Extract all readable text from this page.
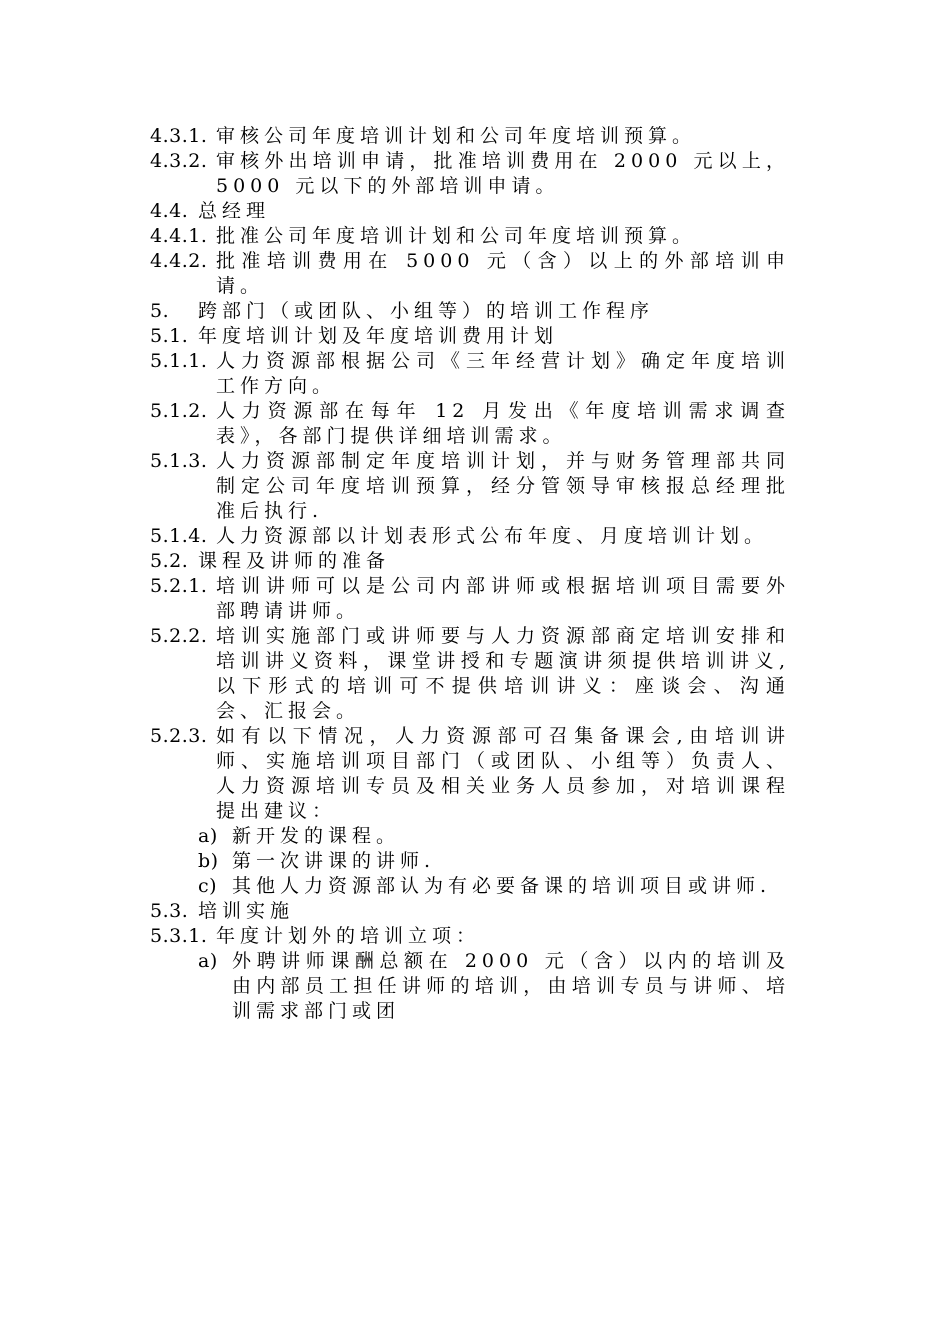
4.3.1. 审核公司年度培训计划和公司年度培训预算。
4.3.2. 审核外出培训申请，批准培训费用在 2000 元以上，5000 元以下的外部培训申请。
4.4. 总经理
4.4.1. 批准公司年度培训计划和公司年度培训预算。
4.4.2. 批准培训费用在 5000 元（含）以上的外部培训申请。
5.	跨部门（或团队、小组等）的培训工作程序
5.1. 年度培训计划及年度培训费用计划
5.1.1. 人力资源部根据公司《三年经营计划》确定年度培训工作方向。
5.1.2. 人力资源部在每年 12 月发出《年度培训需求调查表》，各部门提供详细培训需求。
5.1.3. 人力资源部制定年度培训计划，并与财务管理部共同制定公司年度培训预算，经分管领导审核报总经理批准后执行.
5.1.4. 人力资源部以计划表形式公布年度、月度培训计划。
5.2. 课程及讲师的准备
5.2.1. 培训讲师可以是公司内部讲师或根据培训项目需要外部聘请讲师。
5.2.2. 培训实施部门或讲师要与人力资源部商定培训安排和培训讲义资料，课堂讲授和专题演讲须提供培训讲义,以下形式的培训可不提供培训讲义：座谈会、沟通会、汇报会。
5.2.3. 如有以下情况，人力资源部可召集备课会,由培训讲师、实施培训项目部门（或团队、小组等）负责人、人力资源培训专员及相关业务人员参加，对培训课程提出建议：
a) 新开发的课程。
b) 第一次讲课的讲师.
c) 其他人力资源部认为有必要备课的培训项目或讲师.
5.3. 培训实施
5.3.1. 年度计划外的培训立项：
a) 外聘讲师课酬总额在 2000 元（含）以内的培训及由内部员工担任讲师的培训，由培训专员与讲师、培训需求部门或团
